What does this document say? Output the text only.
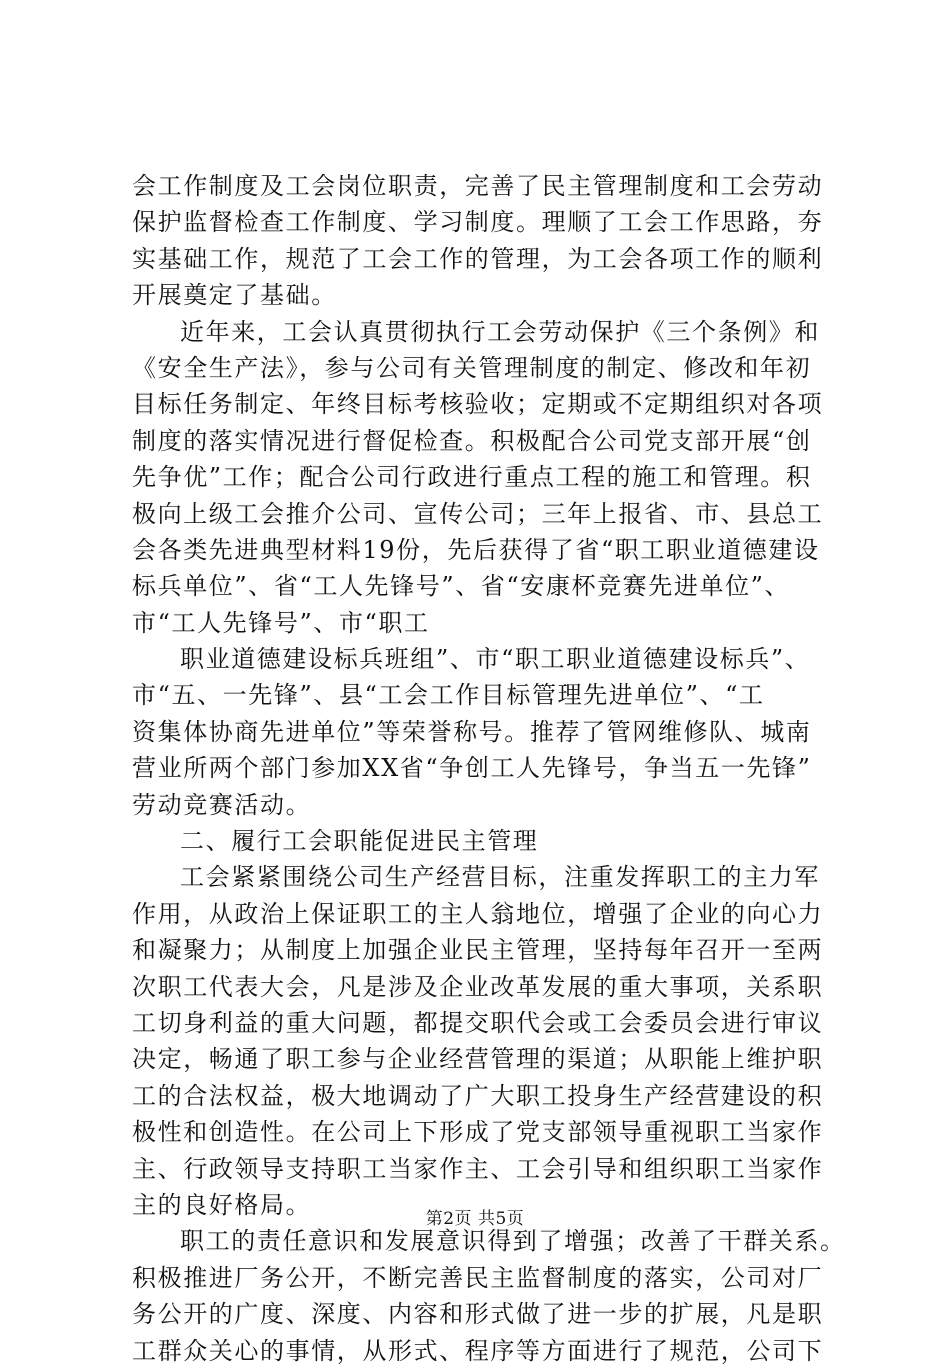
会工作制度及工会岗位职责，完善了民主管理制度和工会劳动
保护监督检查工作制度、学习制度。理顺了工会工作思路，夯
实基础工作，规范了工会工作的管理，为工会各项工作的顺利
开展奠定了基础。
近年来，工会认真贯彻执行工会劳动保护《三个条例》和
《安全生产法》，参与公司有关管理制度的制定、修改和年初
目标任务制定、年终目标考核验收；定期或不定期组织对各项
制度的落实情况进行督促检查。积极配合公司党支部开展“创
先争优”工作；配合公司行政进行重点工程的施工和管理。积
极向上级工会推介公司、宣传公司；三年上报省、市、县总工
会各类先进典型材料19份，先后获得了省“职工职业道德建设
标兵单位”、省“工人先锋号”、省“安康杯竞赛先进单位”、
市“工人先锋号”、市“职工
职业道德建设标兵班组”、市“职工职业道德建设标兵”、
市“五、一先锋”、县“工会工作目标管理先进单位”、“工
资集体协商先进单位”等荣誉称号。推荐了管网维修队、城南
营业所两个部门参加XX省“争创工人先锋号，争当五一先锋”
劳动竞赛活动。
二、履行工会职能促进民主管理
工会紧紧围绕公司生产经营目标，注重发挥职工的主力军
作用，从政治上保证职工的主人翁地位，增强了企业的向心力
和凝聚力；从制度上加强企业民主管理，坚持每年召开一至两
次职工代表大会，凡是涉及企业改革发展的重大事项，关系职
工切身利益的重大问题，都提交职代会或工会委员会进行审议
决定，畅通了职工参与企业经营管理的渠道；从职能上维护职
工的合法权益，极大地调动了广大职工投身生产经营建设的积
极性和创造性。在公司上下形成了党支部领导重视职工当家作
主、行政领导支持职工当家作主、工会引导和组织职工当家作
主的良好格局。
职工的责任意识和发展意识得到了增强；改善了干群关系。
积极推进厂务公开，不断完善民主监督制度的落实，公司对厂
务公开的广度、深度、内容和形式做了进一步的扩展，凡是职
工群众关心的事情，从形式、程序等方面进行了规范，公司下
第2页 共5页
